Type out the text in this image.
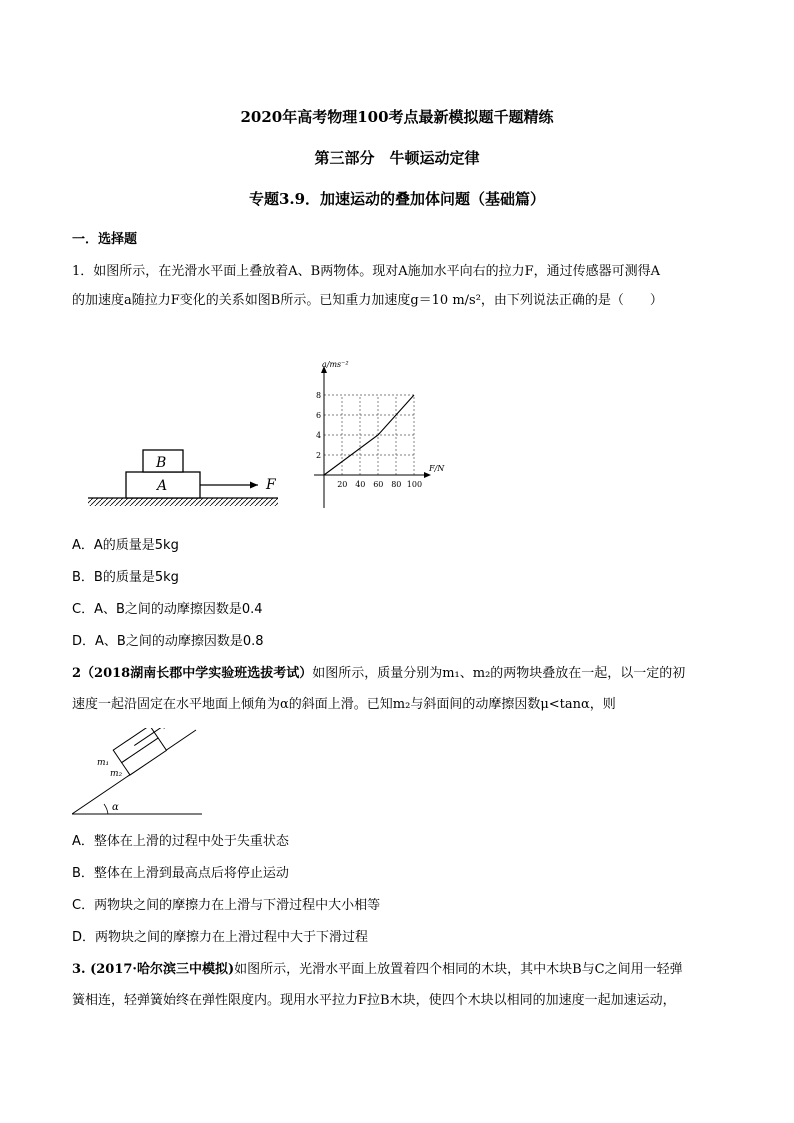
2020年高考物理100考点最新模拟题千题精练
第三部分　牛顿运动定律
专题3.9．加速运动的叠加体问题（基础篇）
一．选择题
1．如图所示，在光滑水平面上叠放着A、B两物体。现对A施加水平向右的拉力F，通过传感器可测得A
的加速度a随拉力F变化的关系如图B所示。已知重力加速度g＝10 m/s²，由下列说法正确的是（　　）
A
B
F
a/ms⁻²
F/N
2
4
6
8
20 40 60 80 100
A．A的质量是5kg
B．B的质量是5kg
C．A、B之间的动摩擦因数是0.4
D．A、B之间的动摩擦因数是0.8
2（2018湖南长郡中学实验班选拔考试）如图所示，质量分别为m₁、m₂的两物块叠放在一起，以一定的初
速度一起沿固定在水平地面上倾角为α的斜面上滑。已知m₂与斜面间的动摩擦因数μ<tanα，则
m₁
m₂
α
A．整体在上滑的过程中处于失重状态
B．整体在上滑到最高点后将停止运动
C．两物块之间的摩擦力在上滑与下滑过程中大小相等
D．两物块之间的摩擦力在上滑过程中大于下滑过程
3. (2017·哈尔滨三中模拟)如图所示，光滑水平面上放置着四个相同的木块，其中木块B与C之间用一轻弹
簧相连，轻弹簧始终在弹性限度内。现用水平拉力F拉B木块，使四个木块以相同的加速度一起加速运动，
